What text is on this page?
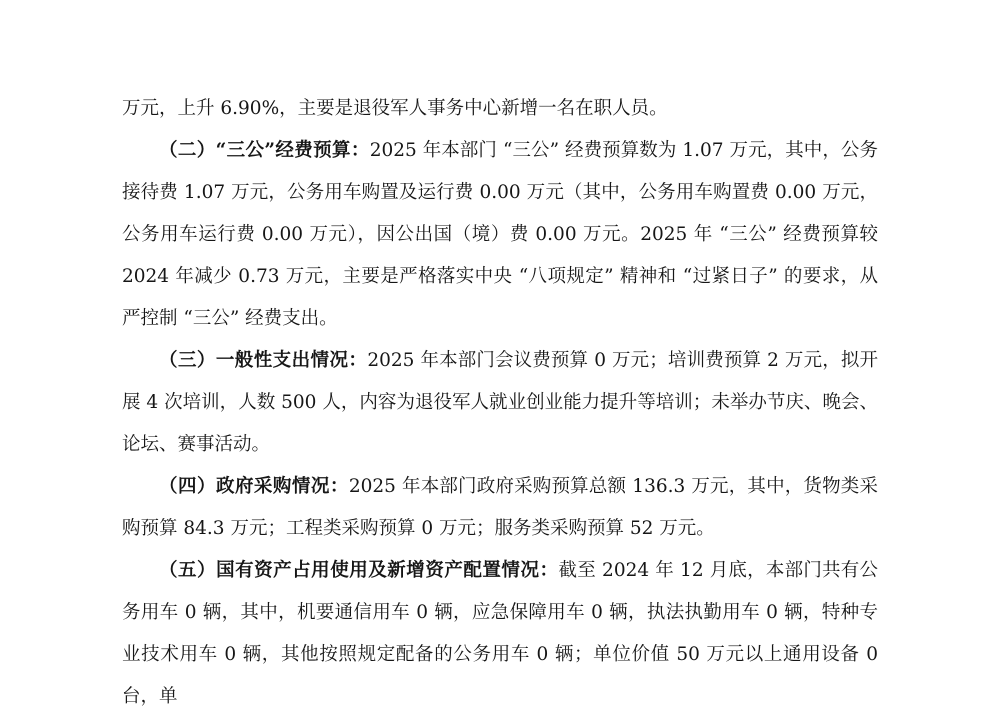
万元，上升 6.90%，主要是退役军人事务中心新增一名在职人员。

（二）“三公”经费预算：2025 年本部门 “三公” 经费预算数为 1.07 万元，其中，公务接待费 1.07 万元，公务用车购置及运行费 0.00 万元（其中，公务用车购置费 0.00 万元，公务用车运行费 0.00 万元），因公出国（境）费 0.00 万元。2025 年 “三公” 经费预算较 2024 年减少 0.73 万元，主要是严格落实中央 “八项规定” 精神和 “过紧日子” 的要求，从严控制 “三公” 经费支出。

（三）一般性支出情况：2025 年本部门会议费预算 0 万元；培训费预算 2 万元，拟开展 4 次培训，人数 500 人，内容为退役军人就业创业能力提升等培训；未举办节庆、晚会、论坛、赛事活动。

（四）政府采购情况：2025 年本部门政府采购预算总额 136.3 万元，其中，货物类采购预算 84.3 万元；工程类采购预算 0 万元；服务类采购预算 52 万元。

（五）国有资产占用使用及新增资产配置情况：截至 2024 年 12 月底，本部门共有公务用车 0 辆，其中，机要通信用车 0 辆，应急保障用车 0 辆，执法执勤用车 0 辆，特种专业技术用车 0 辆，其他按照规定配备的公务用车 0 辆；单位价值 50 万元以上通用设备 0 台，单
